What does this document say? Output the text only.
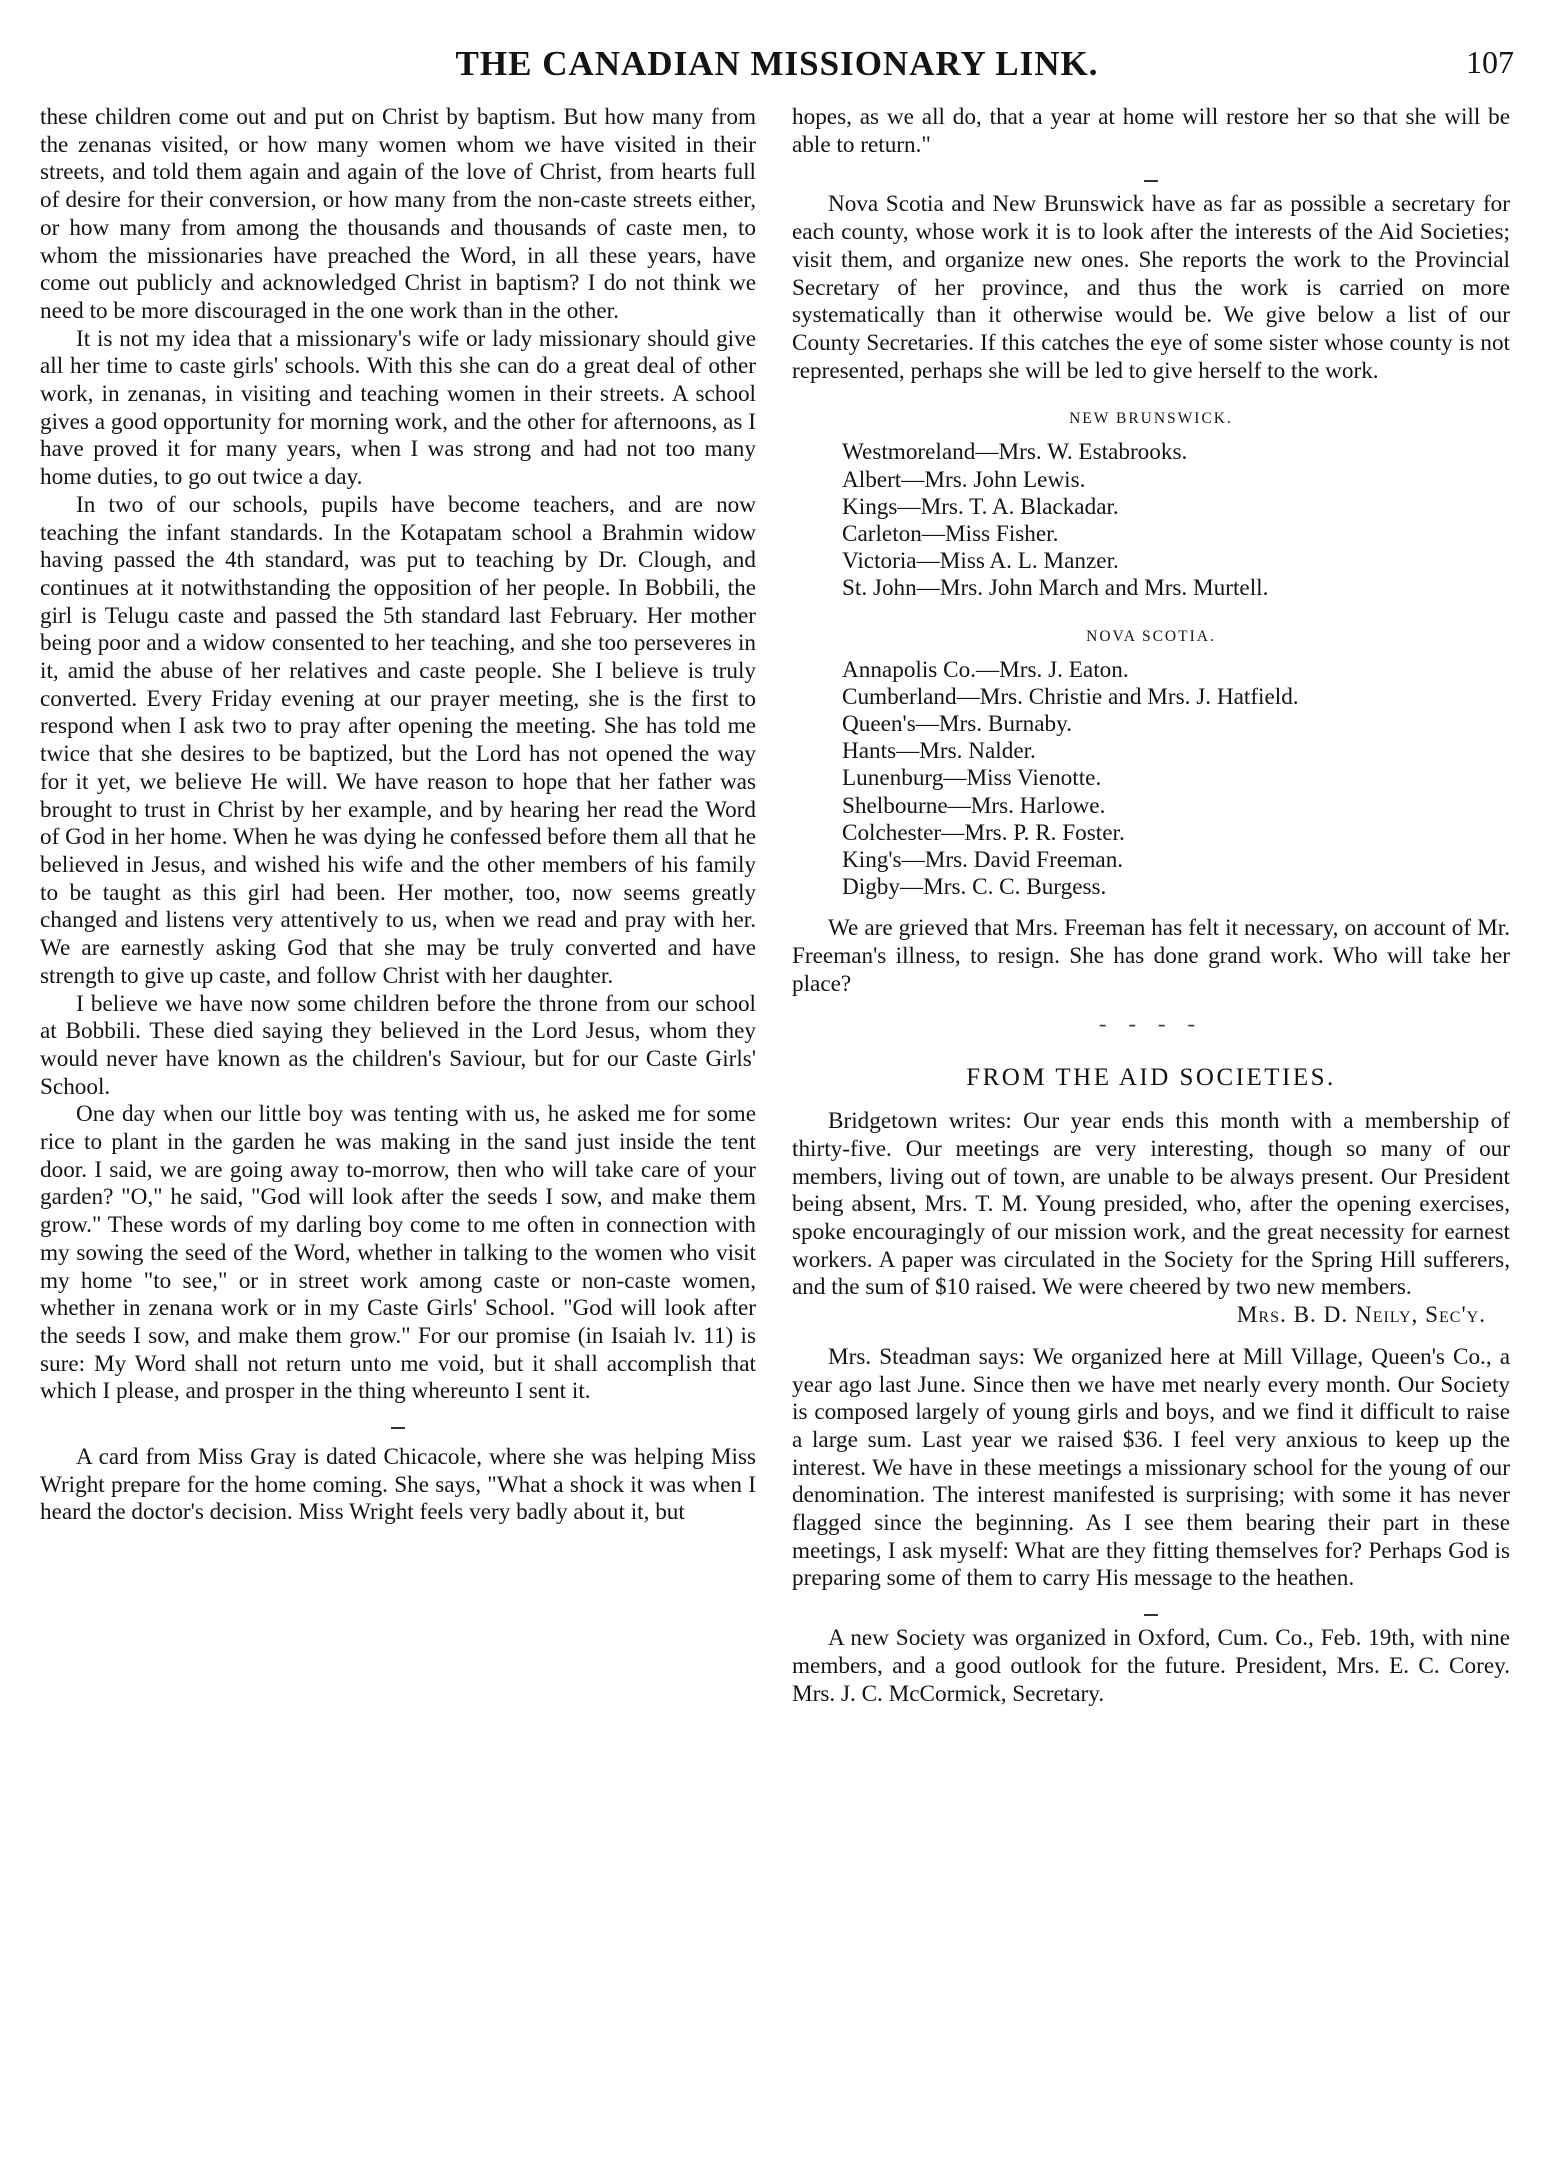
THE CANADIAN MISSIONARY LINK.	107

these children come out and put on Christ by baptism. But how many from the zenanas visited, or how many women whom we have visited in their streets, and told them again and again of the love of Christ, from hearts full of desire for their conversion, or how many from the non-caste streets either, or how many from among the thousands and thousands of caste men, to whom the missionaries have preached the Word, in all these years, have come out publicly and acknowledged Christ in baptism? I do not think we need to be more discouraged in the one work than in the other.

It is not my idea that a missionary's wife or lady missionary should give all her time to caste girls' schools. With this she can do a great deal of other work, in zenanas, in visiting and teaching women in their streets. A school gives a good opportunity for morning work, and the other for afternoons, as I have proved it for many years, when I was strong and had not too many home duties, to go out twice a day.

In two of our schools, pupils have become teachers, and are now teaching the infant standards. In the Kotapatam school a Brahmin widow having passed the 4th standard, was put to teaching by Dr. Clough, and continues at it notwithstanding the opposition of her people. In Bobbili, the girl is Telugu caste and passed the 5th standard last February. Her mother being poor and a widow consented to her teaching, and she too perseveres in it, amid the abuse of her relatives and caste people. She I believe is truly converted. Every Friday evening at our prayer meeting, she is the first to respond when I ask two to pray after opening the meeting. She has told me twice that she desires to be baptized, but the Lord has not opened the way for it yet, we believe He will. We have reason to hope that her father was brought to trust in Christ by her example, and by hearing her read the Word of God in her home. When he was dying he confessed before them all that he believed in Jesus, and wished his wife and the other members of his family to be taught as this girl had been. Her mother, too, now seems greatly changed and listens very attentively to us, when we read and pray with her. We are earnestly asking God that she may be truly converted and have strength to give up caste, and follow Christ with her daughter.

I believe we have now some children before the throne from our school at Bobbili. These died saying they believed in the Lord Jesus, whom they would never have known as the children's Saviour, but for our Caste Girls' School.

One day when our little boy was tenting with us, he asked me for some rice to plant in the garden he was making in the sand just inside the tent door. I said, we are going away to-morrow, then who will take care of your garden? "O," he said, "God will look after the seeds I sow, and make them grow." These words of my darling boy come to me often in connection with my sowing the seed of the Word, whether in talking to the women who visit my home "to see," or in street work among caste or non-caste women, whether in zenana work or in my Caste Girls' School. "God will look after the seeds I sow, and make them grow." For our promise (in Isaiah lv. 11) is sure: My Word shall not return unto me void, but it shall accomplish that which I please, and prosper in the thing whereunto I sent it.

A card from Miss Gray is dated Chicacole, where she was helping Miss Wright prepare for the home coming. She says, "What a shock it was when I heard the doctor's decision. Miss Wright feels very badly about it, but

hopes, as we all do, that a year at home will restore her so that she will be able to return."

Nova Scotia and New Brunswick have as far as possible a secretary for each county, whose work it is to look after the interests of the Aid Societies; visit them, and organize new ones. She reports the work to the Provincial Secretary of her province, and thus the work is carried on more systematically than it otherwise would be. We give below a list of our County Secretaries. If this catches the eye of some sister whose county is not represented, perhaps she will be led to give herself to the work.

NEW BRUNSWICK.
Westmoreland—Mrs. W. Estabrooks.
Albert—Mrs. John Lewis.
Kings—Mrs. T. A. Blackadar.
Carleton—Miss Fisher.
Victoria—Miss A. L. Manzer.
St. John—Mrs. John March and Mrs. Murtell.
NOVA SCOTIA.
Annapolis Co.—Mrs. J. Eaton.
Cumberland—Mrs. Christie and Mrs. J. Hatfield.
Queen's—Mrs. Burnaby.
Hants—Mrs. Nalder.
Lunenburg—Miss Vienotte.
Shelbourne—Mrs. Harlowe.
Colchester—Mrs. P. R. Foster.
King's—Mrs. David Freeman.
Digby—Mrs. C. C. Burgess.

We are grieved that Mrs. Freeman has felt it necessary, on account of Mr. Freeman's illness, to resign. She has done grand work. Who will take her place?

- - - -
FROM THE AID SOCIETIES.

Bridgetown writes: Our year ends this month with a membership of thirty-five. Our meetings are very interesting, though so many of our members, living out of town, are unable to be always present. Our President being absent, Mrs. T. M. Young presided, who, after the opening exercises, spoke encouragingly of our mission work, and the great necessity for earnest workers. A paper was circulated in the Society for the Spring Hill sufferers, and the sum of $10 raised. We were cheered by two new members.

Mrs. B. D. Neily, Sec'y.

Mrs. Steadman says: We organized here at Mill Village, Queen's Co., a year ago last June. Since then we have met nearly every month. Our Society is composed largely of young girls and boys, and we find it difficult to raise a large sum. Last year we raised $36. I feel very anxious to keep up the interest. We have in these meetings a missionary school for the young of our denomination. The interest manifested is surprising; with some it has never flagged since the beginning. As I see them bearing their part in these meetings, I ask myself: What are they fitting themselves for? Perhaps God is preparing some of them to carry His message to the heathen.

A new Society was organized in Oxford, Cum. Co., Feb. 19th, with nine members, and a good outlook for the future. President, Mrs. E. C. Corey. Mrs. J. C. McCormick, Secretary.
